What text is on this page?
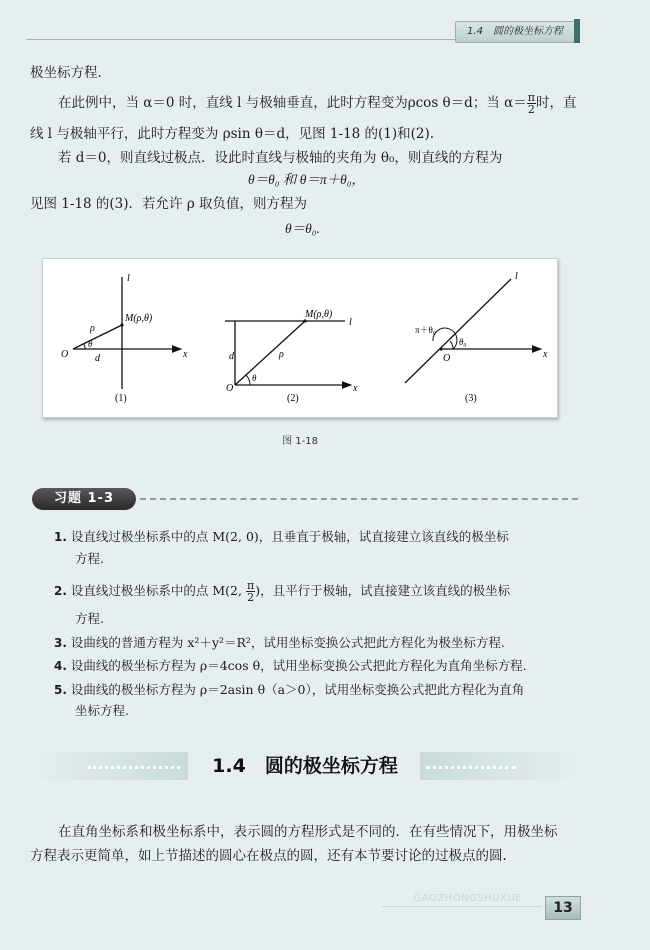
1.4　圆的极坐标方程
极坐标方程.
在此例中，当 α＝0 时，直线 l 与极轴垂直，此时方程变为ρcos θ＝d；当 $\alpha= \frac{\pi}{2}$ 时，直
线 l 与极轴平行，此时方程变为 ρsin θ＝d，见图 1-18 的(1)和(2).
若 d＝0，则直线过极点．设此时直线与极轴的夹角为 θ₀，则直线的方程为
θ＝θ₀ 和 θ＝π＋θ₀，
见图 1-18 的(3)．若允许 ρ 取负值，则方程为
θ＝θ₀.
l
M(ρ,θ)
ρ
θ
O	d	x
(1)
M(ρ,θ)
l
d	ρ
θ
O	x
(2)
l
π＋θ₀
θ₀
O	x
(3)
图 1-18
习题 1-3
1. 设直线过极坐标系中的点 M(2, 0)，且垂直于极轴，试直接建立该直线的极坐标
方程.
2. 设直线过极坐标系中的点 M(2, $\frac{\pi}{2}$ )，且平行于极轴，试直接建立该直线的极坐标
方程.
3. 设曲线的普通方程为 x²＋y²＝R²，试用坐标变换公式把此方程化为极坐标方程.
4. 设曲线的极坐标方程为 ρ＝4cos θ，试用坐标变换公式把此方程化为直角坐标方程.
5. 设曲线的极坐标方程为 ρ＝2asin θ（a＞0），试用坐标变换公式把此方程化为直角
坐标方程.
1.4　圆的极坐标方程
在直角坐标系和极坐标系中，表示圆的方程形式是不同的．在有些情况下，用极坐标
方程表示更简单，如上节描述的圆心在极点的圆，还有本节要讨论的过极点的圆.
GAOZHONGSHUXUE
13
